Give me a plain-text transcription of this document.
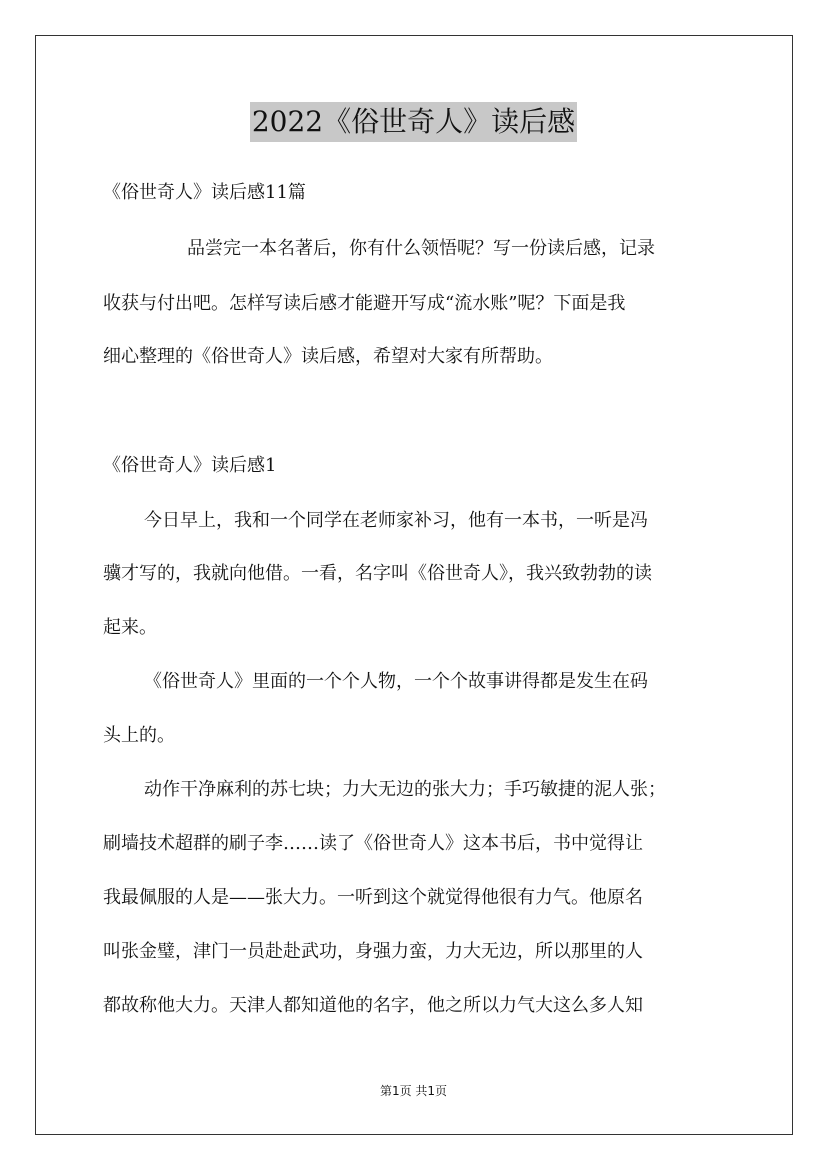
2022《俗世奇人》读后感
《俗世奇人》读后感11篇
品尝完一本名著后，你有什么领悟呢？写一份读后感，记录
收获与付出吧。怎样写读后感才能避开写成“流水账”呢？下面是我
细心整理的《俗世奇人》读后感，希望对大家有所帮助。
《俗世奇人》读后感1
今日早上，我和一个同学在老师家补习，他有一本书，一听是冯
骥才写的，我就向他借。一看，名字叫《俗世奇人》，我兴致勃勃的读
起来。
《俗世奇人》里面的一个个人物，一个个故事讲得都是发生在码
头上的。
动作干净麻利的苏七块；力大无边的张大力；手巧敏捷的泥人张；
刷墙技术超群的刷子李……读了《俗世奇人》这本书后，书中觉得让
我最佩服的人是——张大力。一听到这个就觉得他很有力气。他原名
叫张金璧，津门一员赴赴武功，身强力蛮，力大无边，所以那里的人
都故称他大力。天津人都知道他的名字，他之所以力气大这么多人知
第1页 共1页
